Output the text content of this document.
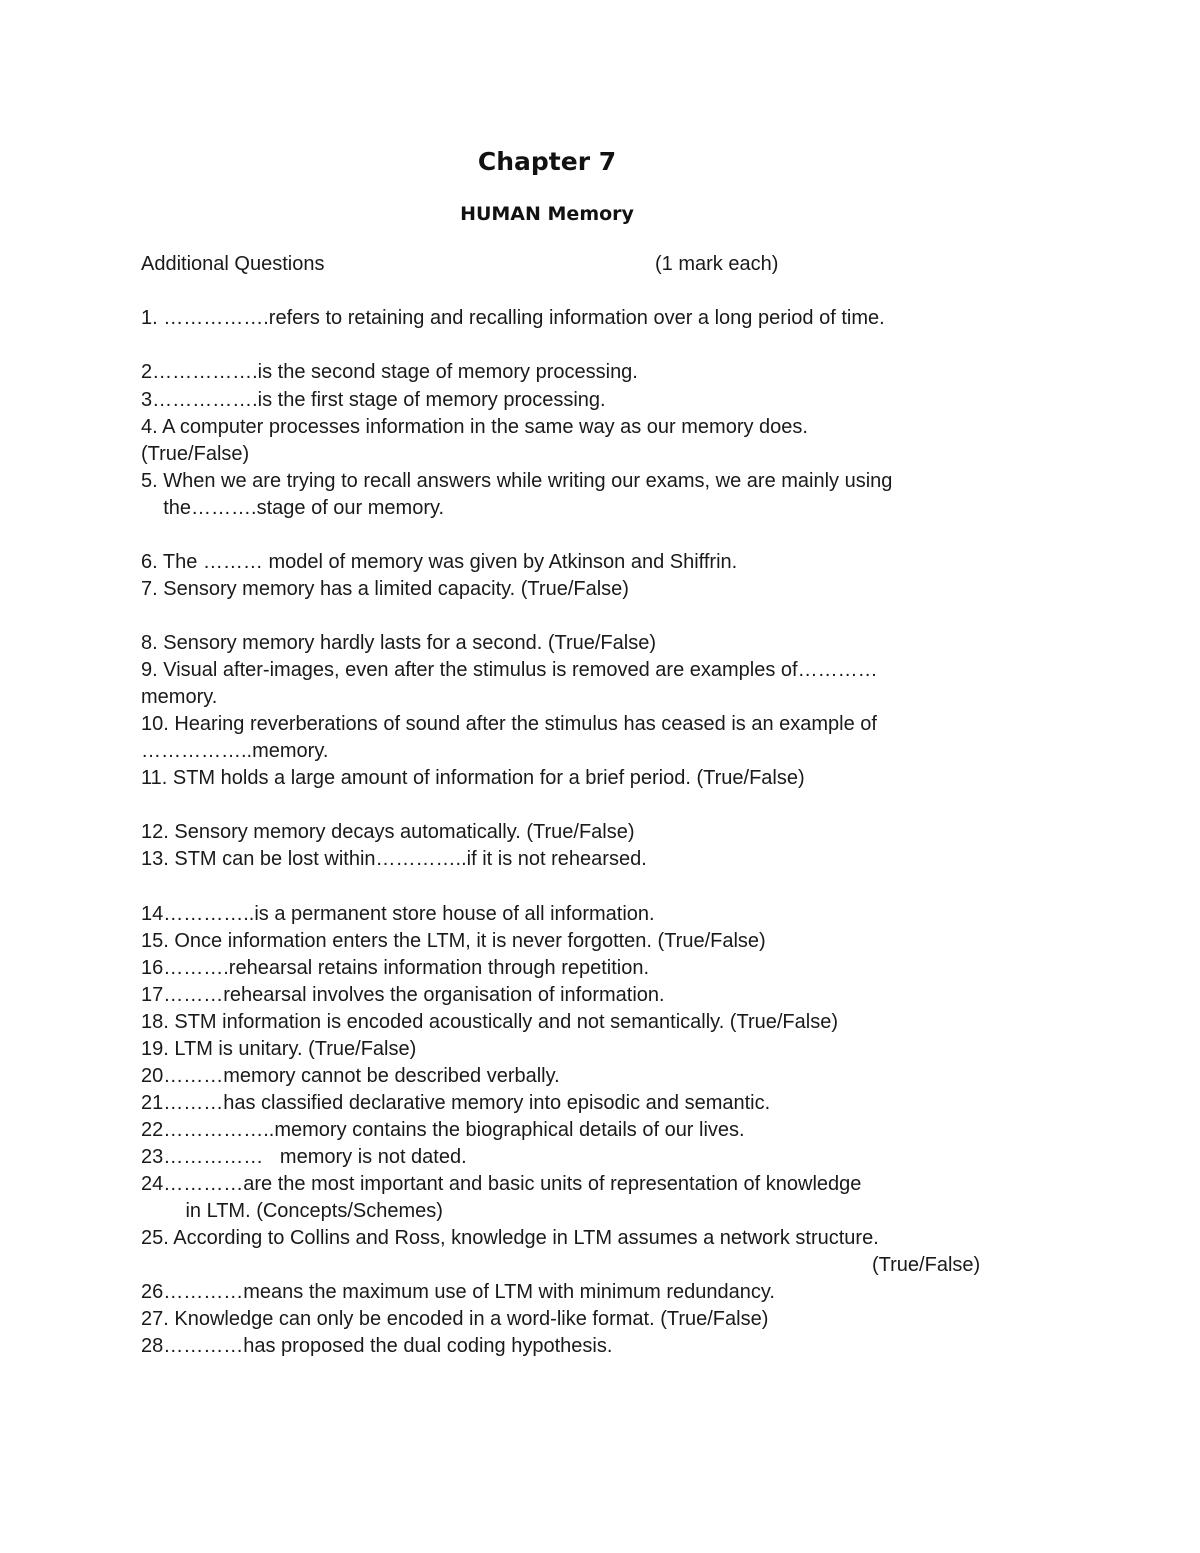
Chapter 7
HUMAN Memory
Additional Questions	(1 mark each)
1. …………….refers to retaining and recalling information over a long period of time.
2…………….is the second stage of memory processing.
3…………….is the first stage of memory processing.
4. A computer processes information in the same way as our memory does.
(True/False)
5. When we are trying to recall answers while writing our exams, we are mainly using
the……….stage of our memory.
6. The ……… model of memory was given by Atkinson and Shiffrin.
7. Sensory memory has a limited capacity. (True/False)
8. Sensory memory hardly lasts for a second. (True/False)
9. Visual after-images, even after the stimulus is removed are examples of…………
memory.
10. Hearing reverberations of sound after the stimulus has ceased is an example of
……………..memory.
11. STM holds a large amount of information for a brief period. (True/False)
12. Sensory memory decays automatically. (True/False)
13. STM can be lost within…………..if it is not rehearsed.
14…………..is a permanent store house of all information.
15. Once information enters the LTM, it is never forgotten. (True/False)
16……….rehearsal retains information through repetition.
17………rehearsal involves the organisation of information.
18. STM information is encoded acoustically and not semantically. (True/False)
19. LTM is unitary. (True/False)
20………memory cannot be described verbally.
21………has classified declarative memory into episodic and semantic.
22……………..memory contains the biographical details of our lives.
23……………   memory is not dated.
24…………are the most important and basic units of representation of knowledge
in LTM. (Concepts/Schemes)
25. According to Collins and Ross, knowledge in LTM assumes a network structure.
(True/False)
26…………means the maximum use of LTM with minimum redundancy.
27. Knowledge can only be encoded in a word-like format. (True/False)
28…………has proposed the dual coding hypothesis.
